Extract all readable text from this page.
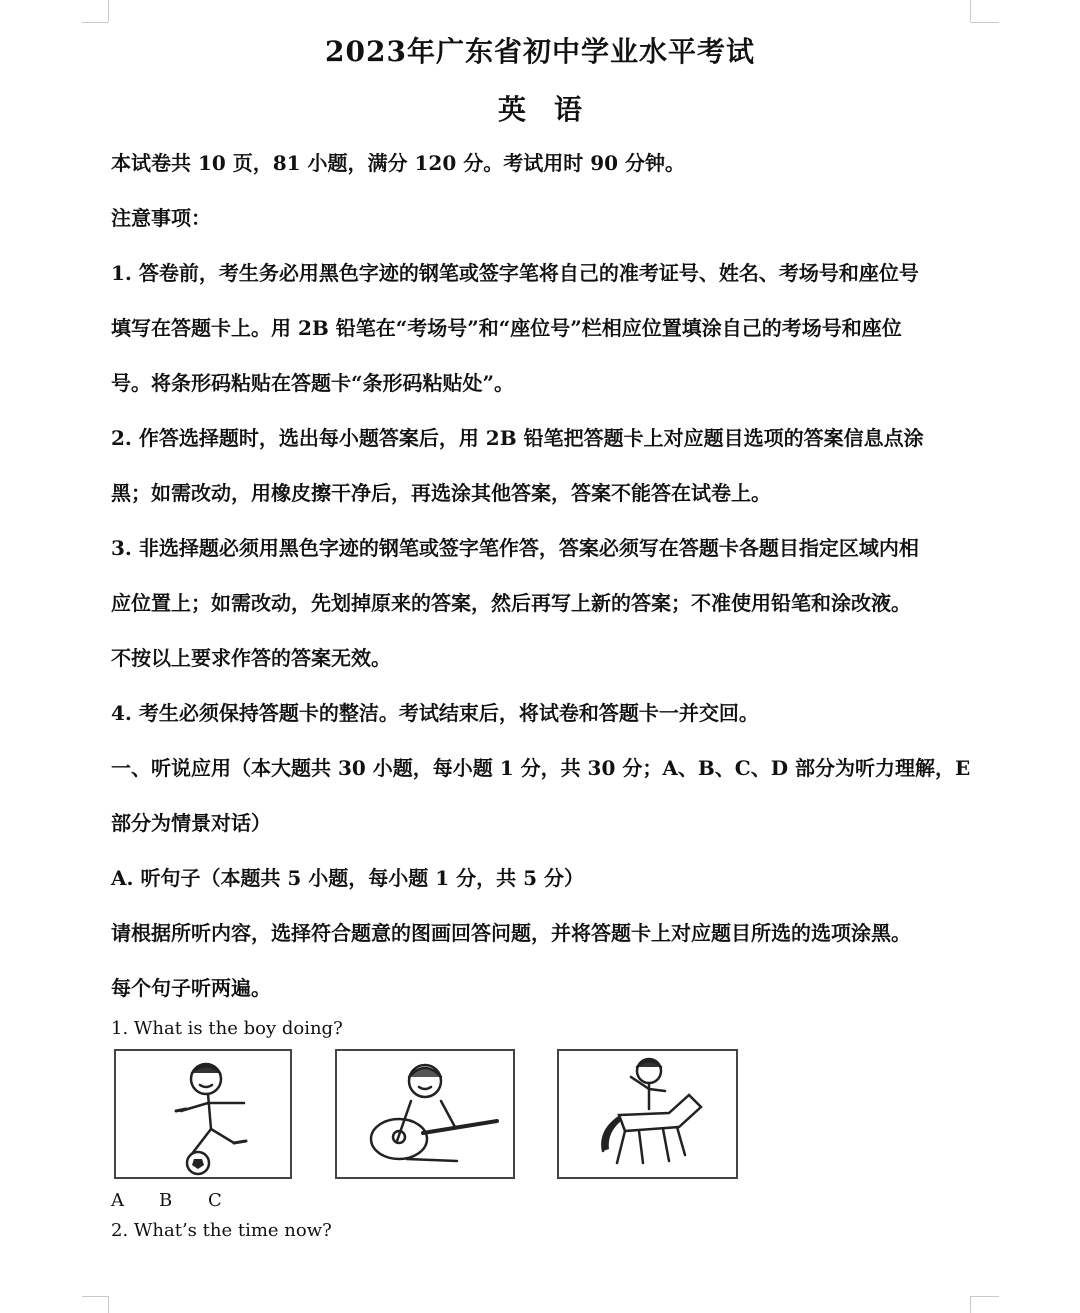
2023年广东省初中学业水平考试
英语
本试卷共 10 页，81 小题，满分 120 分。考试用时 90 分钟。
注意事项：
1. 答卷前，考生务必用黑色字迹的钢笔或签字笔将自己的准考证号、姓名、考场号和座位号
填写在答题卡上。用 2B 铅笔在“考场号”和“座位号”栏相应位置填涂自己的考场号和座位
号。将条形码粘贴在答题卡“条形码粘贴处”。
2. 作答选择题时，选出每小题答案后，用 2B 铅笔把答题卡上对应题目选项的答案信息点涂
黑；如需改动，用橡皮擦干净后，再选涂其他答案，答案不能答在试卷上。
3. 非选择题必须用黑色字迹的钢笔或签字笔作答，答案必须写在答题卡各题目指定区域内相
应位置上；如需改动，先划掉原来的答案，然后再写上新的答案；不准使用铅笔和涂改液。
不按以上要求作答的答案无效。
4. 考生必须保持答题卡的整洁。考试结束后，将试卷和答题卡一并交回。
一、听说应用（本大题共 30 小题，每小题 1 分，共 30 分；A、B、C、D 部分为听力理解，E
部分为情景对话）
A. 听句子（本题共 5 小题，每小题 1 分，共 5 分）
请根据所听内容，选择符合题意的图画回答问题，并将答题卡上对应题目所选的选项涂黑。
每个句子听两遍。
1. What is the boy doing?
A B C
2. What’s the time now?
